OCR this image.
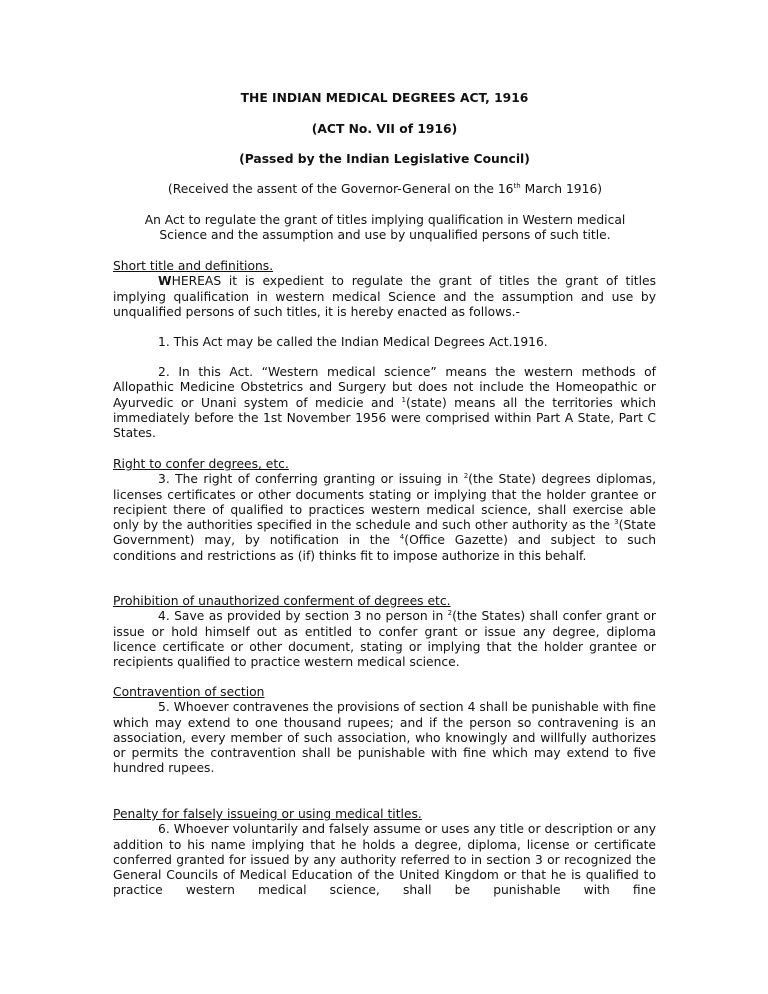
THE INDIAN MEDICAL DEGREES ACT, 1916
(ACT No. VII of 1916)
(Passed by the Indian Legislative Council)
(Received the assent of the Governor-General on the 16th March 1916)
An Act to regulate the grant of titles implying qualification in Western medical
Science and the assumption and use by unqualified persons of such title.
Short title and definitions.
WHEREAS it is expedient to regulate the grant of titles the grant of titles implying qualification in western medical Science and the assumption and use by unqualified persons of such titles, it is hereby enacted as follows.-
1. This Act may be called the Indian Medical Degrees Act.1916.
2. In this Act. “Western medical science” means the western methods of Allopathic Medicine Obstetrics and Surgery but does not include the Homeopathic or Ayurvedic or Unani system of medicie and $^1$(state) means all the territories which immediately before the 1st November 1956 were comprised within Part A State, Part C States.
Right to confer degrees, etc.
3. The right of conferring granting or issuing in $^2$(the State) degrees diplomas, licenses certificates or other documents stating or implying that the holder grantee or recipient there of qualified to practices western medical science, shall exercise able only by the authorities specified in the schedule and such other authority as the $^3$(State Government) may, by notification in the $^4$(Office Gazette) and subject to such conditions and restrictions as (if) thinks fit to impose authorize in this behalf.
Prohibition of unauthorized conferment of degrees etc.
4. Save as provided by section 3 no person in $^2$(the States) shall confer grant or issue or hold himself out as entitled to confer grant or issue any degree, diploma licence certificate or other document, stating or implying that the holder grantee or recipients qualified to practice western medical science.
Contravention of section
5. Whoever contravenes the provisions of section 4 shall be punishable with fine which may extend to one thousand rupees; and if the person so contravening is an association, every member of such association, who knowingly and willfully authorizes or permits the contravention shall be punishable with fine which may extend to five hundred rupees.
Penalty for falsely issueing or using medical titles.
6. Whoever voluntarily and falsely assume or uses any title or description or any addition to his name implying that he holds a degree, diploma, license or certificate conferred granted for issued by any authority referred to in section 3 or recognized the General Councils of Medical Education of the United Kingdom or that he is qualified to practice western medical science, shall be punishable with fine
